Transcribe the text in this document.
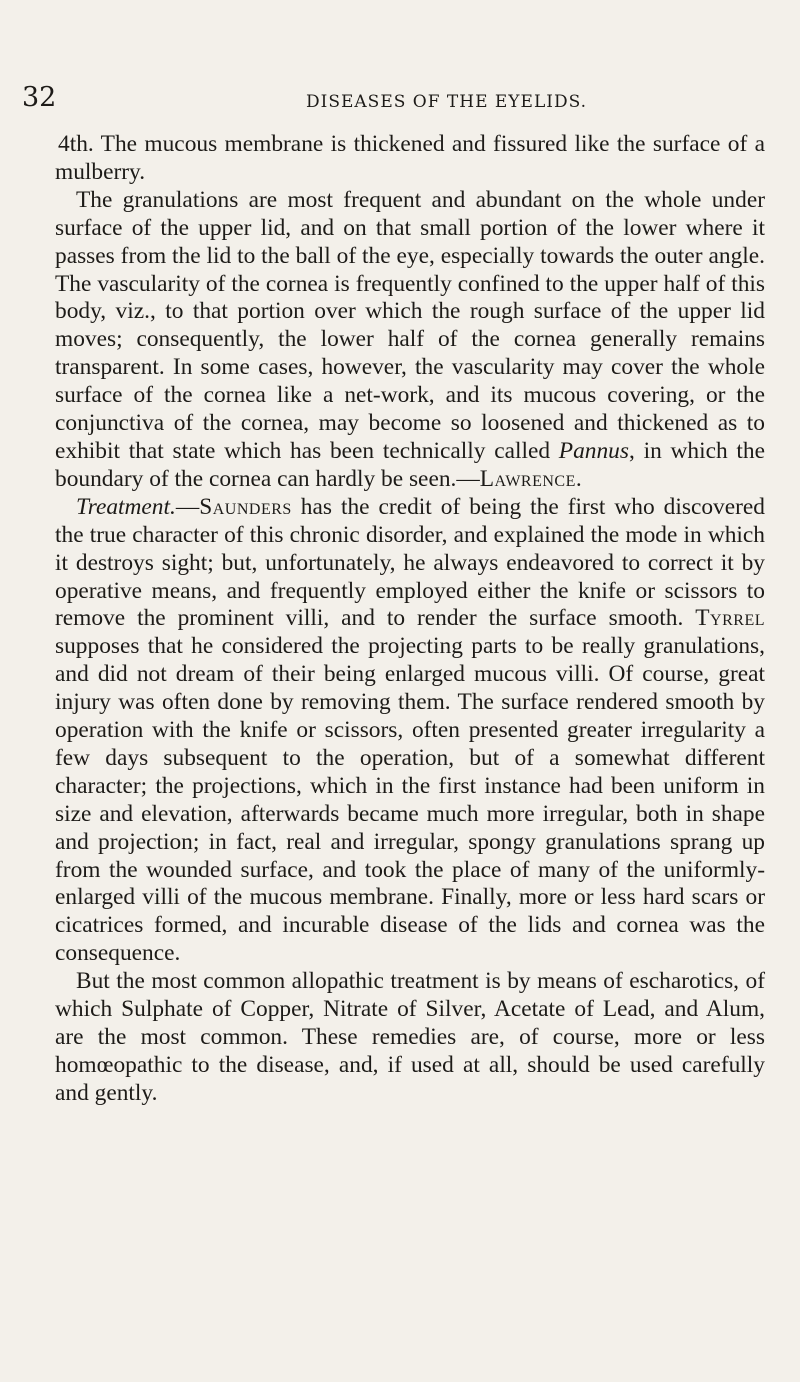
32	DISEASES OF THE EYELIDS.

4th. The mucous membrane is thickened and fissured like the surface of a mulberry.

The granulations are most frequent and abundant on the whole under surface of the upper lid, and on that small portion of the lower where it passes from the lid to the ball of the eye, especially towards the outer angle. The vascularity of the cornea is frequently confined to the upper half of this body, viz., to that portion over which the rough surface of the upper lid moves; consequently, the lower half of the cornea generally remains transparent. In some cases, however, the vascularity may cover the whole surface of the cornea like a net-work, and its mucous covering, or the conjunctiva of the cornea, may become so loosened and thickened as to exhibit that state which has been technically called Pannus, in which the boundary of the cornea can hardly be seen.—Lawrence.

Treatment.—Saunders has the credit of being the first who discovered the true character of this chronic disorder, and explained the mode in which it destroys sight; but, unfortunately, he always endeavored to correct it by operative means, and frequently employed either the knife or scissors to remove the prominent villi, and to render the surface smooth. Tyrrel supposes that he considered the projecting parts to be really granulations, and did not dream of their being enlarged mucous villi. Of course, great injury was often done by removing them. The surface rendered smooth by operation with the knife or scissors, often presented greater irregularity a few days subsequent to the operation, but of a somewhat different character; the projections, which in the first instance had been uniform in size and elevation, afterwards became much more irregular, both in shape and projection; in fact, real and irregular, spongy granulations sprang up from the wounded surface, and took the place of many of the uniformly-enlarged villi of the mucous membrane. Finally, more or less hard scars or cicatrices formed, and incurable disease of the lids and cornea was the consequence.

But the most common allopathic treatment is by means of escharotics, of which Sulphate of Copper, Nitrate of Silver, Acetate of Lead, and Alum, are the most common. These remedies are, of course, more or less homœopathic to the disease, and, if used at all, should be used carefully and gently.
